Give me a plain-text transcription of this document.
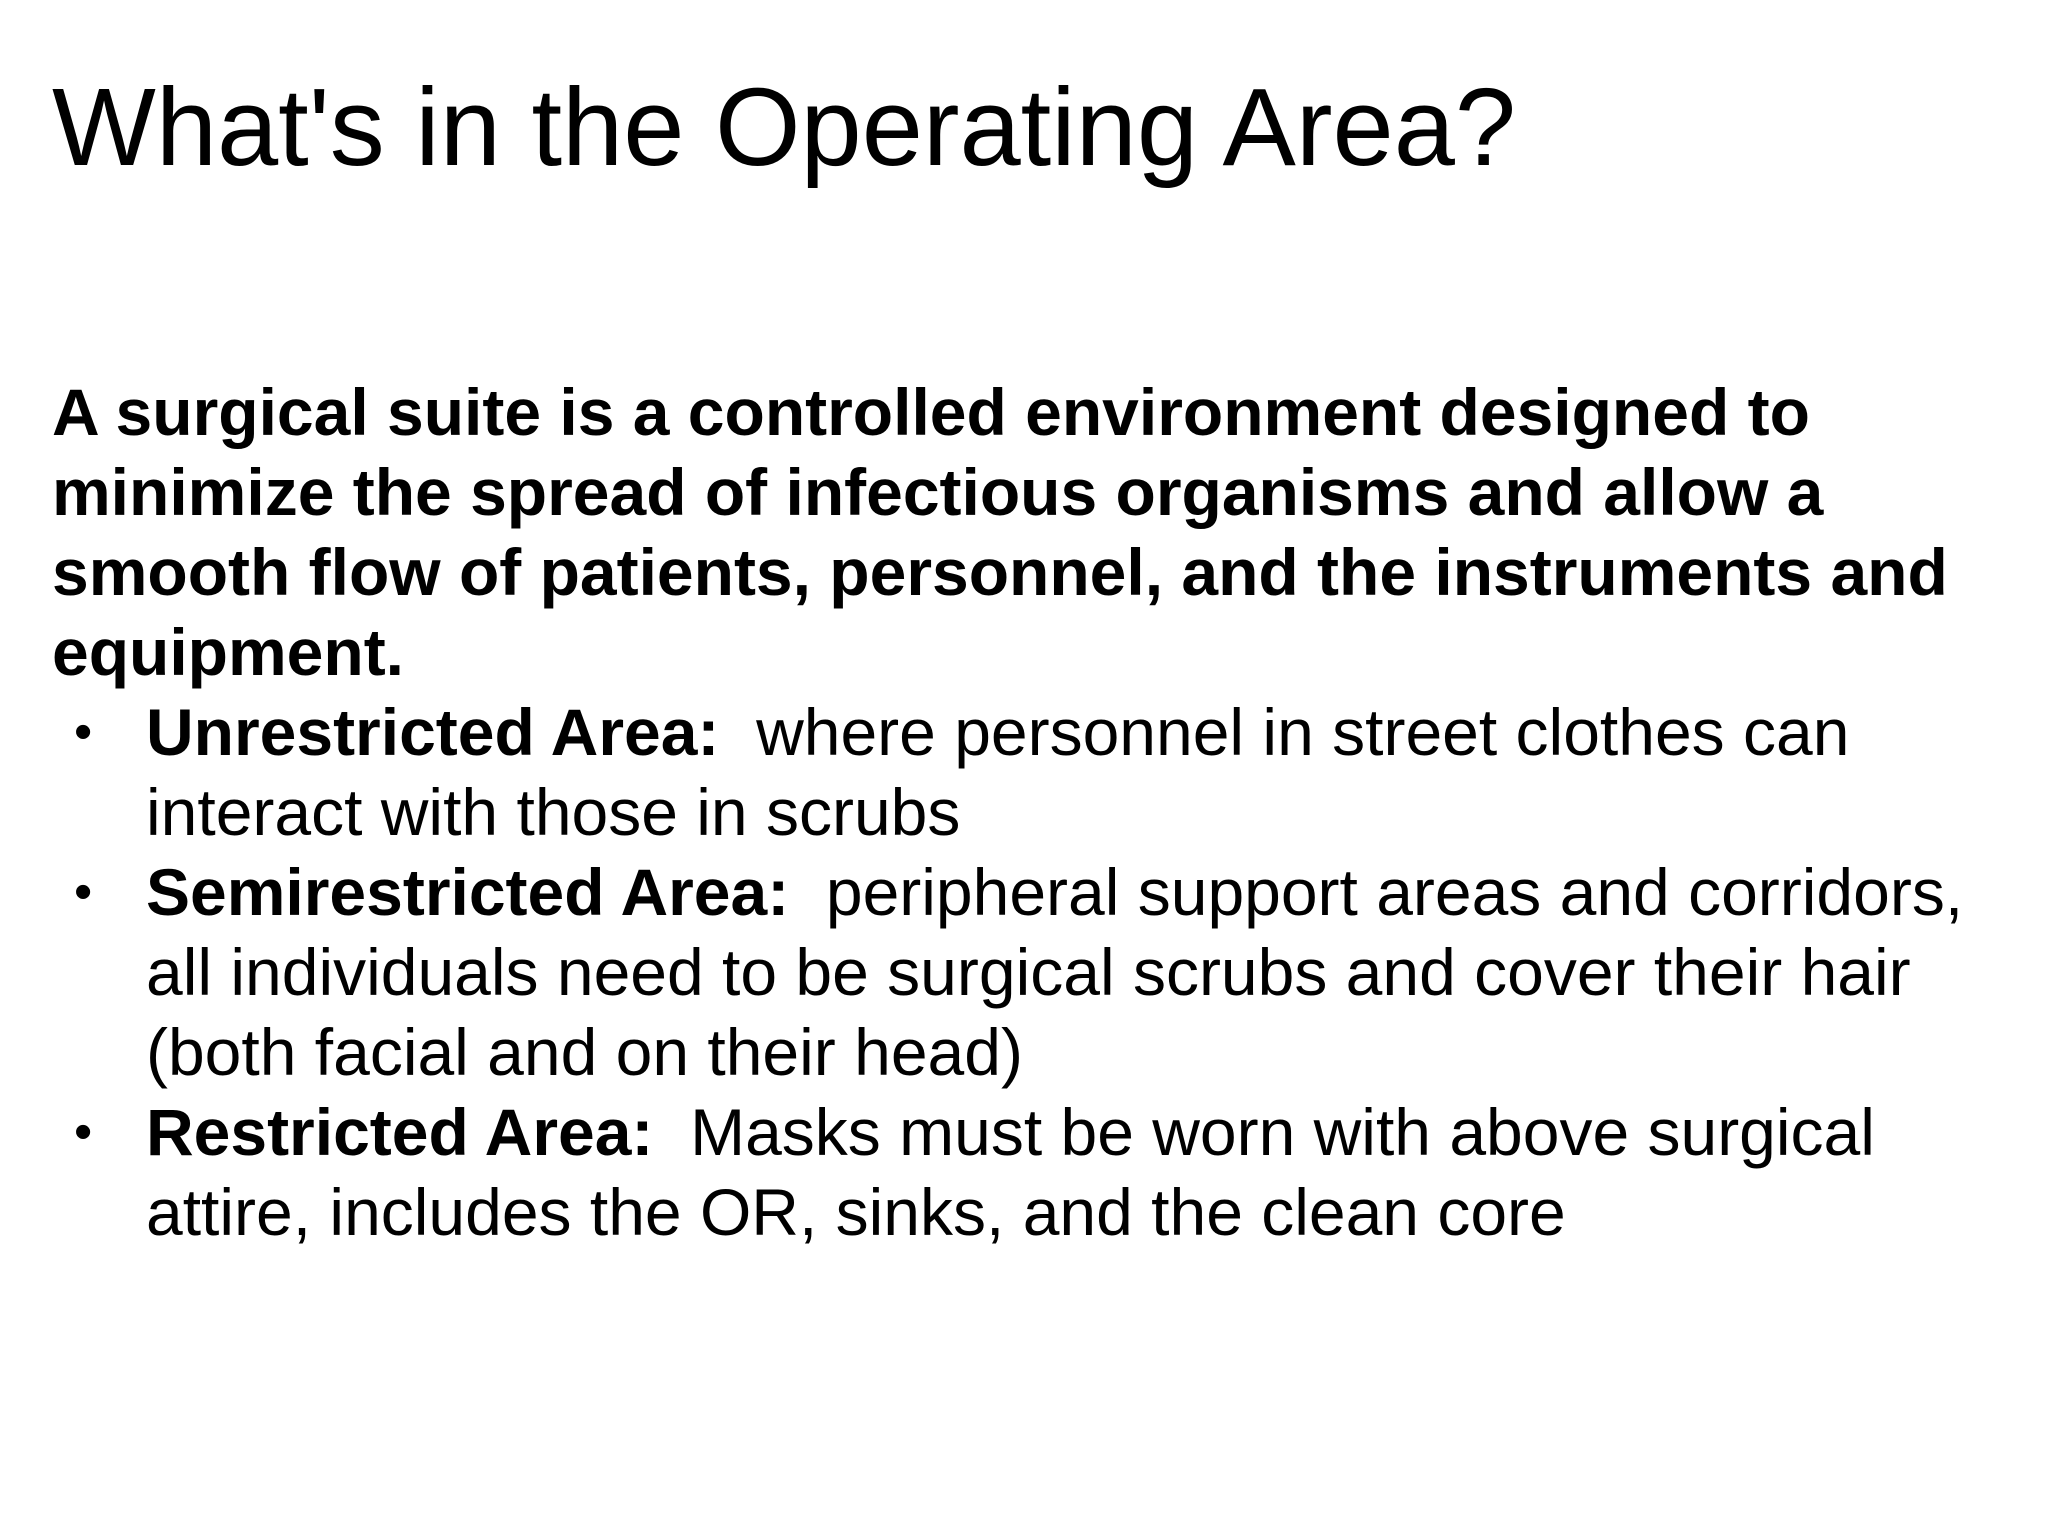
What's in the Operating Area?

A surgical suite is a controlled environment designed to minimize the spread of infectious organisms and allow a smooth flow of patients, personnel, and the instruments and equipment.

• Unrestricted Area: where personnel in street clothes can interact with those in scrubs
• Semirestricted Area: peripheral support areas and corridors, all individuals need to be surgical scrubs and cover their hair (both facial and on their head)
• Restricted Area: Masks must be worn with above surgical attire, includes the OR, sinks, and the clean core
